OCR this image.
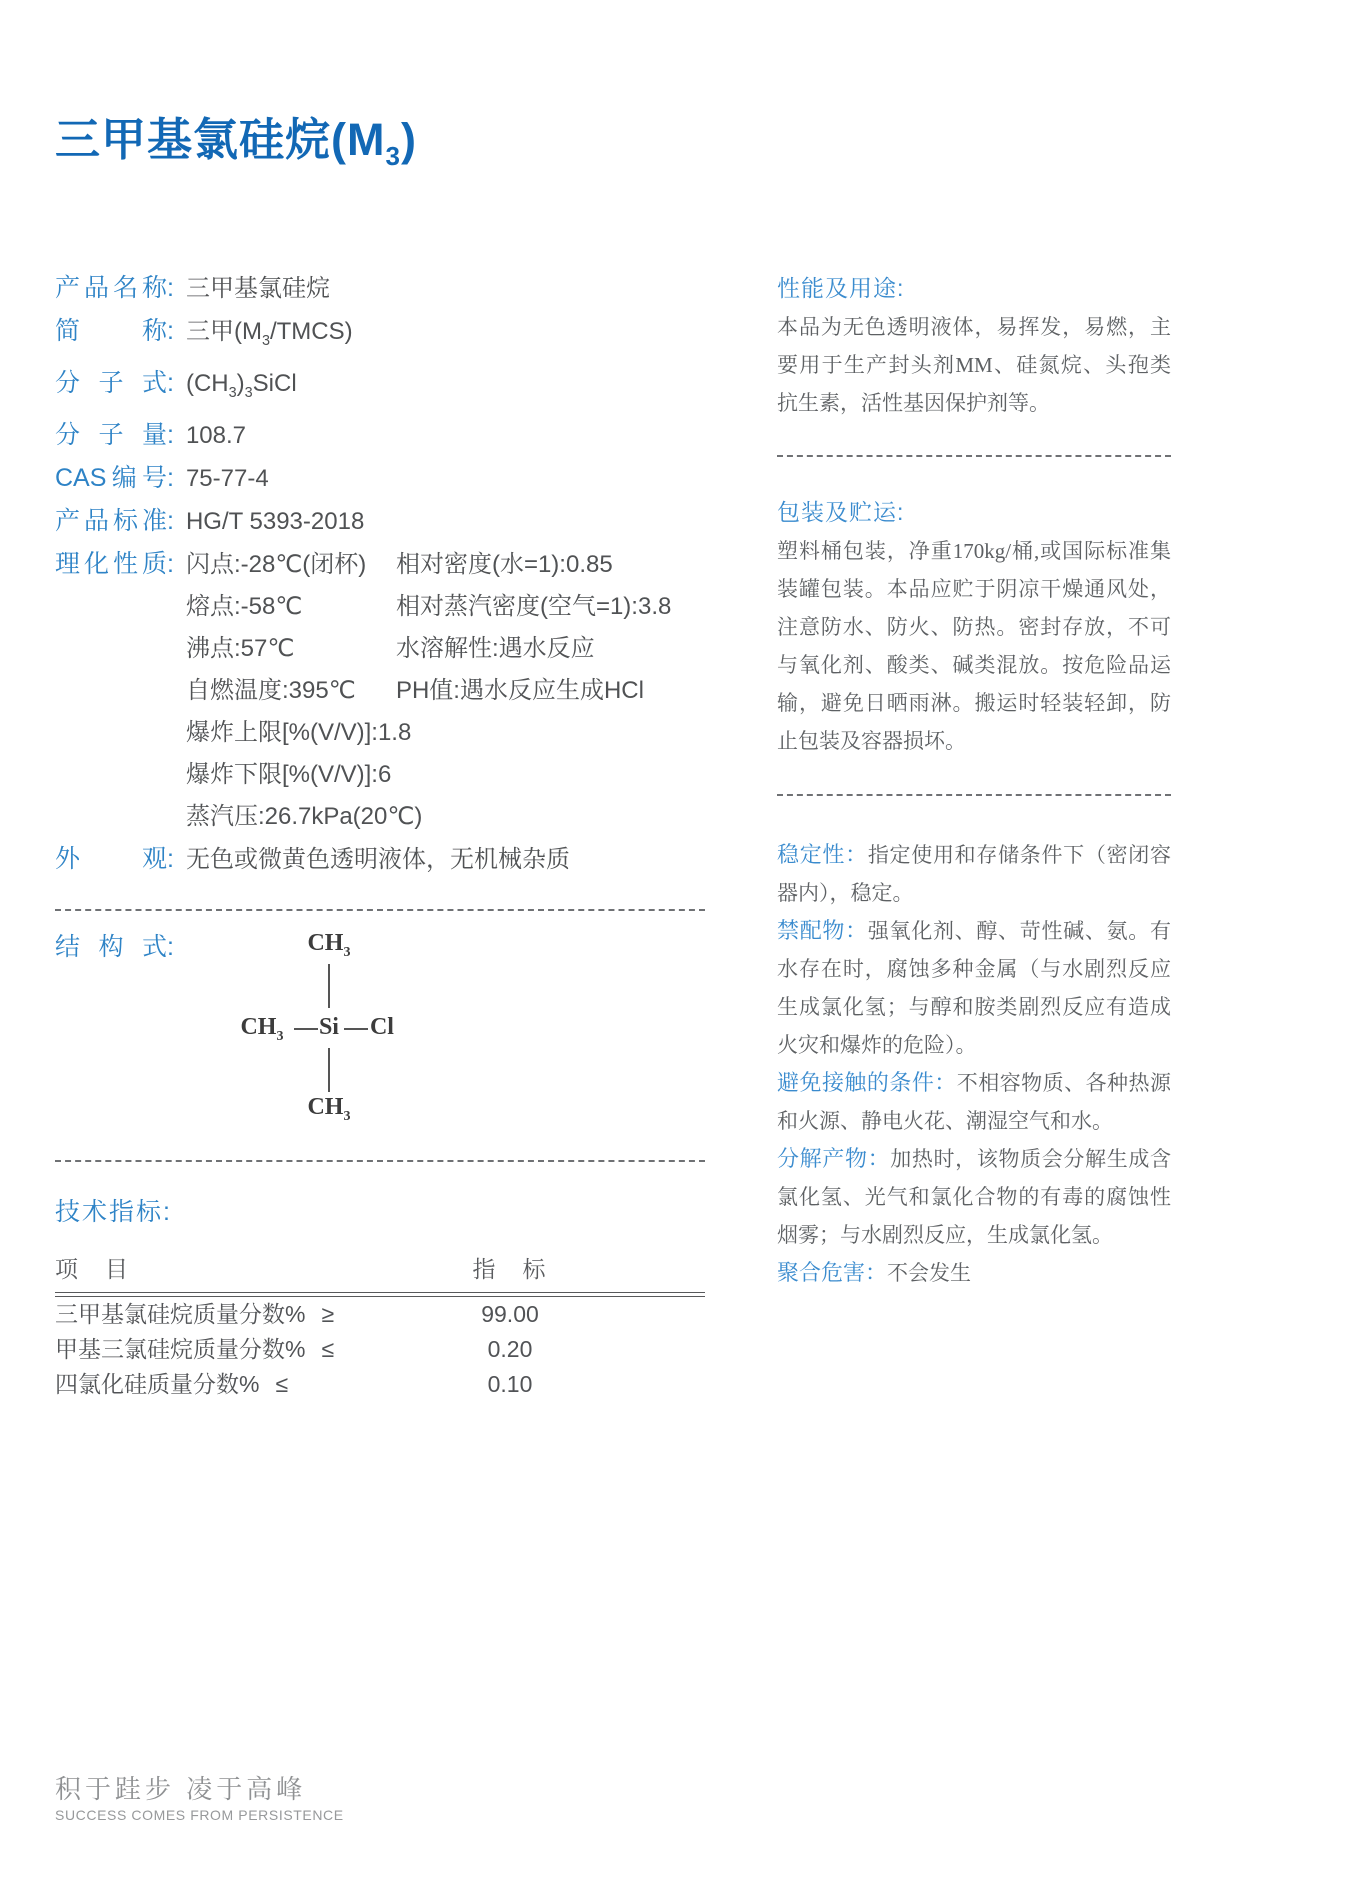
三甲基氯硅烷$(M_3)$
产品名称 : 三甲基氯硅烷
简称 : 三甲$(M_3/TMCS)$
分子式 : $(CH_3)_3SiCl$
分子量 : 108.7
CAS编号 : 75-77-4
产品标准 : HG/T 5393-2018
理化性质 : 闪点:-28℃(闭杯)	相对密度(水=1):0.85
熔点:-58℃	相对蒸汽密度(空气=1):3.8
沸点:57℃	水溶解性:遇水反应
自燃温度:395℃	PH值:遇水反应生成HCl
爆炸上限[%(V/V)]:1.8
爆炸下限[%(V/V)]:6
蒸汽压:26.7kPa(20℃)
外观 : 无色或微黄色透明液体，无机械杂质
结构式 :	$CH_3$
$CH_3$ Si Cl
$CH_3$
技术指标:
项　目	指　标
三甲基氯硅烷质量分数% ≥	99.00
甲基三氯硅烷质量分数% ≤	0.20
四氯化硅质量分数% ≤	0.10
性能及用途:

本品为无色透明液体，易挥发，易燃，主要用于生产封头剂MM、硅氮烷、头孢类抗生素，活性基因保护剂等。

包装及贮运:

塑料桶包装，净重170kg/桶,或国际标准集装罐包装。本品应贮于阴凉干燥通风处，注意防水、防火、防热。密封存放，不可与氧化剂、酸类、碱类混放。按危险品运输，避免日晒雨淋。搬运时轻装轻卸，防止包装及容器损坏。

稳定性：指定使用和存储条件下（密闭容器内），稳定。

禁配物：强氧化剂、醇、苛性碱、氨。有水存在时，腐蚀多种金属（与水剧烈反应生成氯化氢；与醇和胺类剧烈反应有造成火灾和爆炸的危险）。

避免接触的条件：不相容物质、各种热源和火源、静电火花、潮湿空气和水。

分解产物：加热时，该物质会分解生成含氯化氢、光气和氯化合物的有毒的腐蚀性烟雾；与水剧烈反应，生成氯化氢。

聚合危害：不会发生

积于跬步 凌于高峰
SUCCESS COMES FROM PERSISTENCE
